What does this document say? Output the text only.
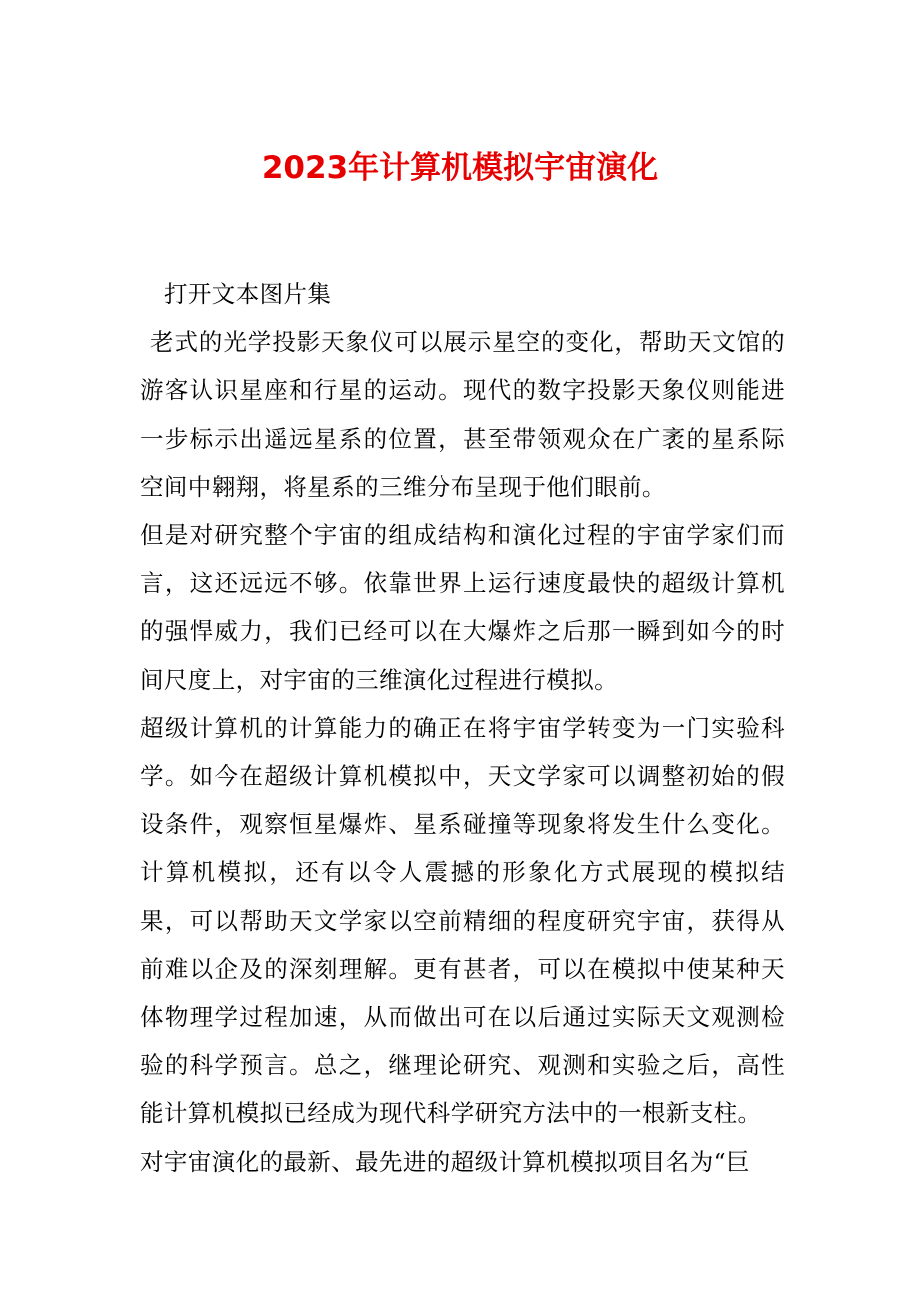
2023年计算机模拟宇宙演化

打开文本图片集

老式的光学投影天象仪可以展示星空的变化，帮助天文馆的游客认识星座和行星的运动。现代的数字投影天象仪则能进一步标示出遥远星系的位置，甚至带领观众在广袤的星系际空间中翱翔，将星系的三维分布呈现于他们眼前。

但是对研究整个宇宙的组成结构和演化过程的宇宙学家们而言，这还远远不够。依靠世界上运行速度最快的超级计算机的强悍威力，我们已经可以在大爆炸之后那一瞬到如今的时间尺度上，对宇宙的三维演化过程进行模拟。

超级计算机的计算能力的确正在将宇宙学转变为一门实验科学。如今在超级计算机模拟中，天文学家可以调整初始的假设条件，观察恒星爆炸、星系碰撞等现象将发生什么变化。计算机模拟，还有以令人震撼的形象化方式展现的模拟结果，可以帮助天文学家以空前精细的程度研究宇宙，获得从前难以企及的深刻理解。更有甚者，可以在模拟中使某种天体物理学过程加速，从而做出可在以后通过实际天文观测检验的科学预言。总之，继理论研究、观测和实验之后，高性能计算机模拟已经成为现代科学研究方法中的一根新支柱。

对宇宙演化的最新、最先进的超级计算机模拟项目名为“巨
